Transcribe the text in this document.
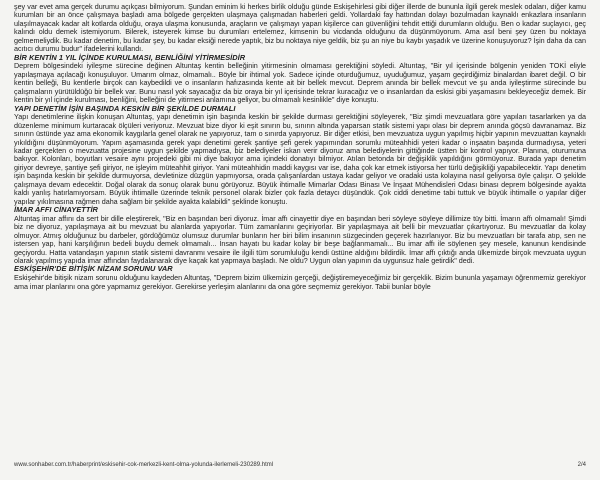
şey var evet ama gerçek durumu açıkçası bilmiyorum. Şundan eminim ki herkes birlik olduğu günde Eskişehirlesi gibi diğer illerde de bununla ilgili gerek meslek odaları, diğer kamu kurumları bir an önce çalışmaya başladı ama bölgede gerçekten ulaşmaya çalışmadan haberleri geldi. Yollardaki fay hattından dolayı bozulmadan kaynaklı enkazlara insanların ulaşılmayacak kadar alt kotlarda olduğu, oraya ulaşma konusunda, araçların ve çalışmayı yapan kişilerce can güvenliğini tehdit ettiği durumların olduğu. Ben o kadar suçlayıcı, geç kalındı oldu demek istemiyorum. Bilerek, isteyerek kimse bu durumları ertelemez, kimsenin bu vicdanda olduğunu da düşünmüyorum. Ama asıl beni şey üzen bu noktaya gelmemeliydik. Bu kadar denetim, bu kadar şey, bu kadar eksiği nerede yaptık, biz bu noktaya niye geldik, biz şu an niye bu kaybı yaşadık ve üzerine konuşuyoruz? İşin daha da can acıtıcı durumu budur" ifadelerini kullandı.

BİR KENTİN 1 YIL İÇİNDE KURULMASI, BENLİĞİNİ YİTİRMESİDİR

Deprem bölgesindeki iyileşme sürecine değinen Altuntaş kentin belleğinin yitirmesinin olmaması gerektiğini söyledi. Altuntaş, "Bir yıl içerisinde bölgenin yeniden TOKİ eliyle yapılaşmaya açılacağı konuşuluyor. Umarım olmaz, olmamalı.. Böyle bir ihtimal yok. Sadece içinde oturduğumuz, uyuduğumuz, yaşam geçirdiğimiz binalardan ibaret değil. O bir kentin belleği, Bu kentlerle birçok can kaybedildi ve o insanların hafızasında kente ait bir bellek mevcut. Deprem anında bir bellek mevcut ve şu anda iyileştirme sürecinde bu çalışmaların yürütüldüğü bir bellek var. Bunu nasıl yok sayacağız da biz oraya bir yıl içerisinde tekrar kuracağız ve o insanlardan da eskisi gibi yaşamasını bekleyeceğiz demek. Bir kentin bir yıl içinde kurulması, benliğini, belleğini de yitirmesi anlamına geliyor, bu olmamalı kesinlikle" diye konuştu.

YAPI DENETİM İŞİN BAŞINDA KESKİN BİR ŞEKİLDE DURMALI

Yapı denetimlerine ilişkin konuşan Altuntaş, yapı denetimin işin başında keskin bir şekilde durması gerektiğini söyleyerek, "Biz şimdi mevzuatlara göre yapıları tasarlarken ya da düzenleme minimum kurtaracak ölçüleri veriyoruz. Mevzuat bize diyor ki eşit sınırın bu, sınırın altında yaparsan statik sistemi yapı olası bir deprem anında göçsü davranamaz. Biz sınırın üstünde yaz ama ekonomik kaygılarla genel olarak ne yapıyoruz, tam o sınırda yapıyoruz. Bir diğer etkisi, ben mevzuatıza uygun yapılmış hiçbir yapının mevzuattan kaynaklı yıkıldığını düşünmüyorum. Yapım aşamasında gerek yapı denetimi gerek şantiye şefi gerek yapımından sorumlu müteahhidi yeteri kadar o inşaatın başında durmadıysa, yeteri kadar gerçekten o mevzuatta projesine uygun şekilde yapmadıysa, biz belediyeler iskan verir diyoruz ama belediyelerin gittiğinde üstten bir kontrol yapıyor. Planına, oturumuna bakıyor. Kolonları, boyutları vesaire aynı projedeki gibi mi diye bakıyor ama içindeki donatıyı bilmiyor. Atılan betonda bir değişiklik yapıldığını görmüyoruz. Burada yapı denetim giriyor devreye, şantiye şefi giriyor, ne işleyim müteahhit giriyor. Yani müteahhidin maddi kaygısı var ise, daha çok kar etmek istiyorsa her türlü değişikliği yapabilecektir. Yapı denetim işin başında keskin bir şekilde durmuyorsa, devletinize düzgün yapmıyorsa, orada çalışanlardan ustaya kadar geliyor ve oradaki usta kolayına nasıl geliyorsa öyle çalışır. O şekilde çalışmaya devam edecektir. Doğal olarak da sonuç olarak bunu görüyoruz. Büyük ihtimalle Mimarlar Odası Binası Ve İnşaat Mühendisleri Odası binası deprem bölgesinde ayakta kaldı yanlış hatırlamıyorsam. Büyük ihtimalle üzerinde teknik personel olarak bizler çok fazla detaycı düşündük. Çok ciddi denetime tabi tuttuk ve büyük ihtimalle o yapılar diğer yapılar yıkılmasına rağmen daha sağlam bir şekilde ayakta kalabildi" şeklinde konuştu.

İMAR AFFI CİNAYETTİR

Altuntaş imar affını da sert bir dille eleştirerek, "Biz en başından beri diyoruz. İmar affı cinayettir diye en başından beri söyleye söyleye dillimize tüy bitti. İmarın affı olmamalı! Şimdi biz ne diyoruz, yapılaşmaya ait bu mevzuat bu alanlarda yapıyorlar. Tüm zamanlarını geçiriyorlar. Bir yapılaşmaya ait belli bir mevzuatlar çıkartıyoruz. Bu mevzuatlar da kolay olmuyor. Atmış olduğunuz bu darbeler, gördüğümüz olumsuz durumlar bunların her biri bilim insanının süzgecinden geçerek hazırlanıyor. Biz bu mevzuatları bir tarafa atıp, sen ne istersen yap, hani karşılığının bedeli buydu demek olmamalı... İnsan hayatı bu kadar kolay bir beşe bağlanmamalı... Bu imar affı ile söylenen şey mesele, kanunun kendisinde geçiyordu. Hatta vatandaşın yapının statik sistemi davranmı vesaire ile ilgili tüm sorumluluğu kendi üstüne aldığını bildirdik. İmar affı çıktığı anda ülkemizde birçok mevzuata uygun olarak yapılmış yapıda imar affından faydalanarak diye kaçak kat yapmaya başladı. Ne oldu? Uygun olan yapının da uygunsuz hale getirdik" dedi.

ESKİŞEHİR'DE BİTİŞİK NİZAM SORUNU VAR

Eskişehir'de bitişik nizam sorunu olduğunu kaydeden Altuntaş, "Deprem bizim ülkemizin gerçeği, değiştiremeyeceğimiz bir gerçeklik. Bizim bununla yaşamayı öğrenmemiz gerekiyor ama imar planlarını ona göre yapmamız gerekiyor. Gerekirse yerleşim alanlarını da ona göre seçmemiz gerekiyor. Tabii bunlar böyle

www.sonhaber.com.tr/haberprint/eskisehir-cok-merkezli-kent-olma-yolunda-ilerlemeli-230289.html	2/4
